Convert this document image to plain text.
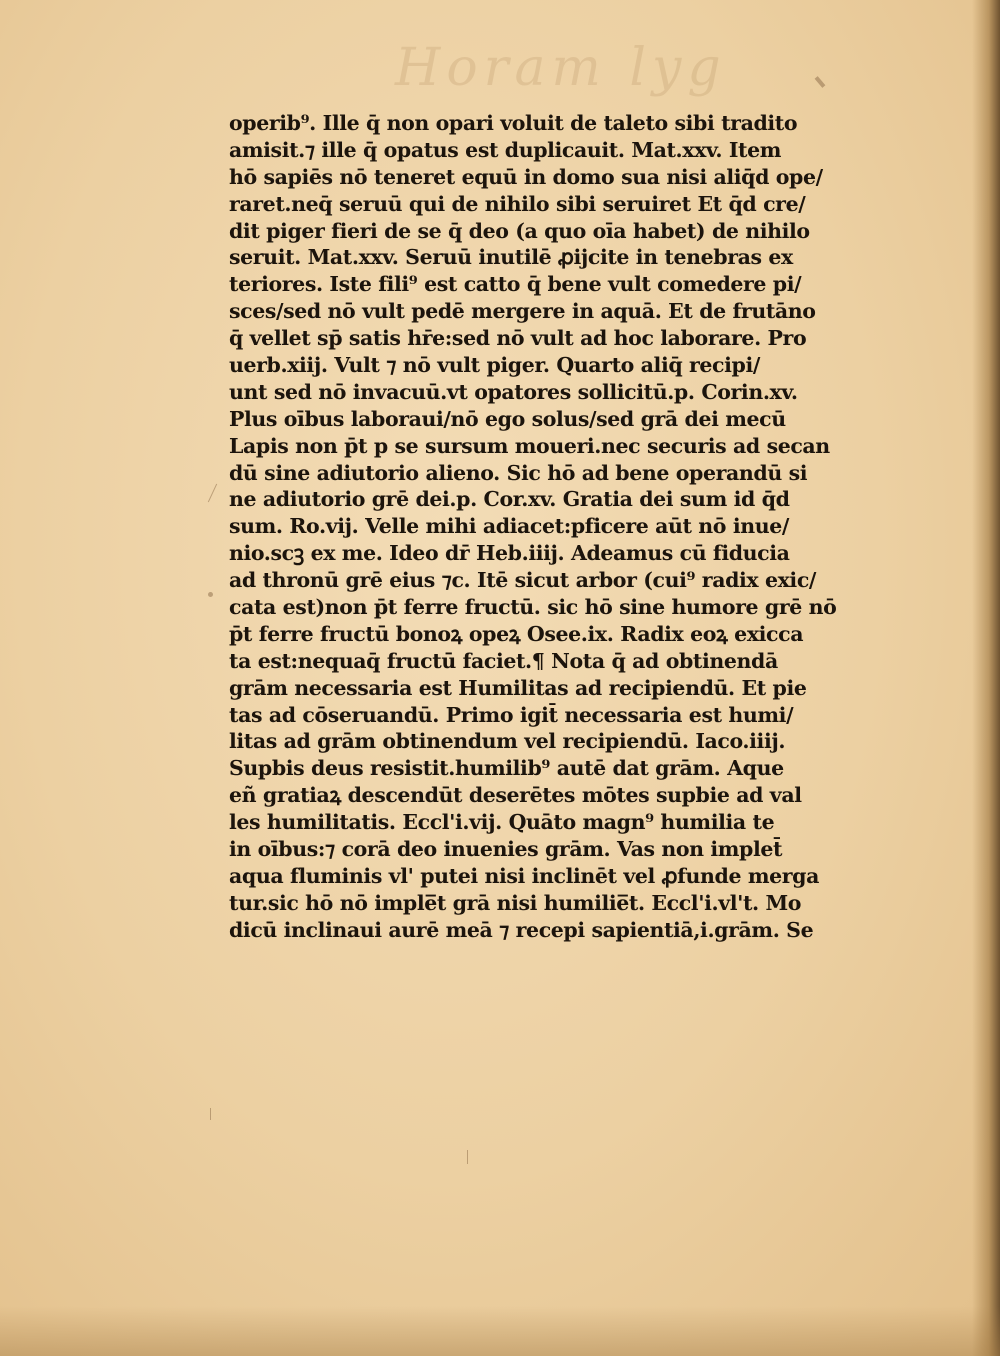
Horam lyg
operib⁹. Ille q̄ non opari voluit de taleto sibi tradito
amisit.⁊ ille q̄ opatus est duplicauit. Mat.xxv. Item
hō sapiēs nō teneret equū in domo sua nisi aliq̄d ope/
raret.neq̄ seruū qui de nihilo sibi seruiret Et q̄d cre/
dit piger fieri de se q̄ deo (a quo oīa habet) de nihilo
seruit. Mat.xxv. Seruū inutilē ꝓijcite in tenebras ex
teriores. Iste fili⁹ est catto q̄ bene vult comedere pi/
sces/sed nō vult pedē mergere in aquā. Et de frutāno
q̄ vellet sp̄ satis hr̄e:sed nō vult ad hoc laborare. Pro
uerb.xiij. Vult ⁊ nō vult piger. Quarto aliq̄ recipi/
unt sed nō invacuū.vt opatores sollicitū.p. Corin.xv.
Plus oībus laboraui/nō ego solus/sed grā dei mecū
Lapis non p̄t p se sursum moueri.nec securis ad secan
dū sine adiutorio alieno. Sic hō ad bene operandū si
ne adiutorio grē dei.p. Cor.xv. Gratia dei sum id q̄d
sum. Ro.vij. Velle mihi adiacet:pficere aūt nō inue/
nio.scꝫ ex me. Ideo dr̄ Heb.iiij. Adeamus cū fiducia
ad thronū grē eius ⁊c. Itē sicut arbor (cui⁹ radix exic/
cata est)non p̄t ferre fructū. sic hō sine humore grē nō
p̄t ferre fructū bonoꝝ opeꝝ Osee.ix. Radix eoꝝ exicca
ta est:nequaq̄ fructū faciet.¶ Nota q̄ ad obtinendā
grām necessaria est Humilitas ad recipiendū. Et pie
tas ad cōseruandū. Primo igit̄ necessaria est humi/
litas ad grām obtinendum vel recipiendū. Iaco.iiij.
Supbis deus resistit.humilib⁹ autē dat grām. Aque
eñ gratiaꝝ descendūt deserētes mōtes supbie ad val
les humilitatis. Eccl'i.vij. Quāto magn⁹ humilia te
in oībus:⁊ corā deo inuenies grām. Vas non implet̄
aqua fluminis vl' putei nisi inclinēt vel ꝓfunde merga
tur.sic hō nō imple̅t grā nisi humilie̅t. Eccl'i.vl't. Mo
dicū inclinaui aurē meā ⁊ recepi sapientiā,i.grām. Se
